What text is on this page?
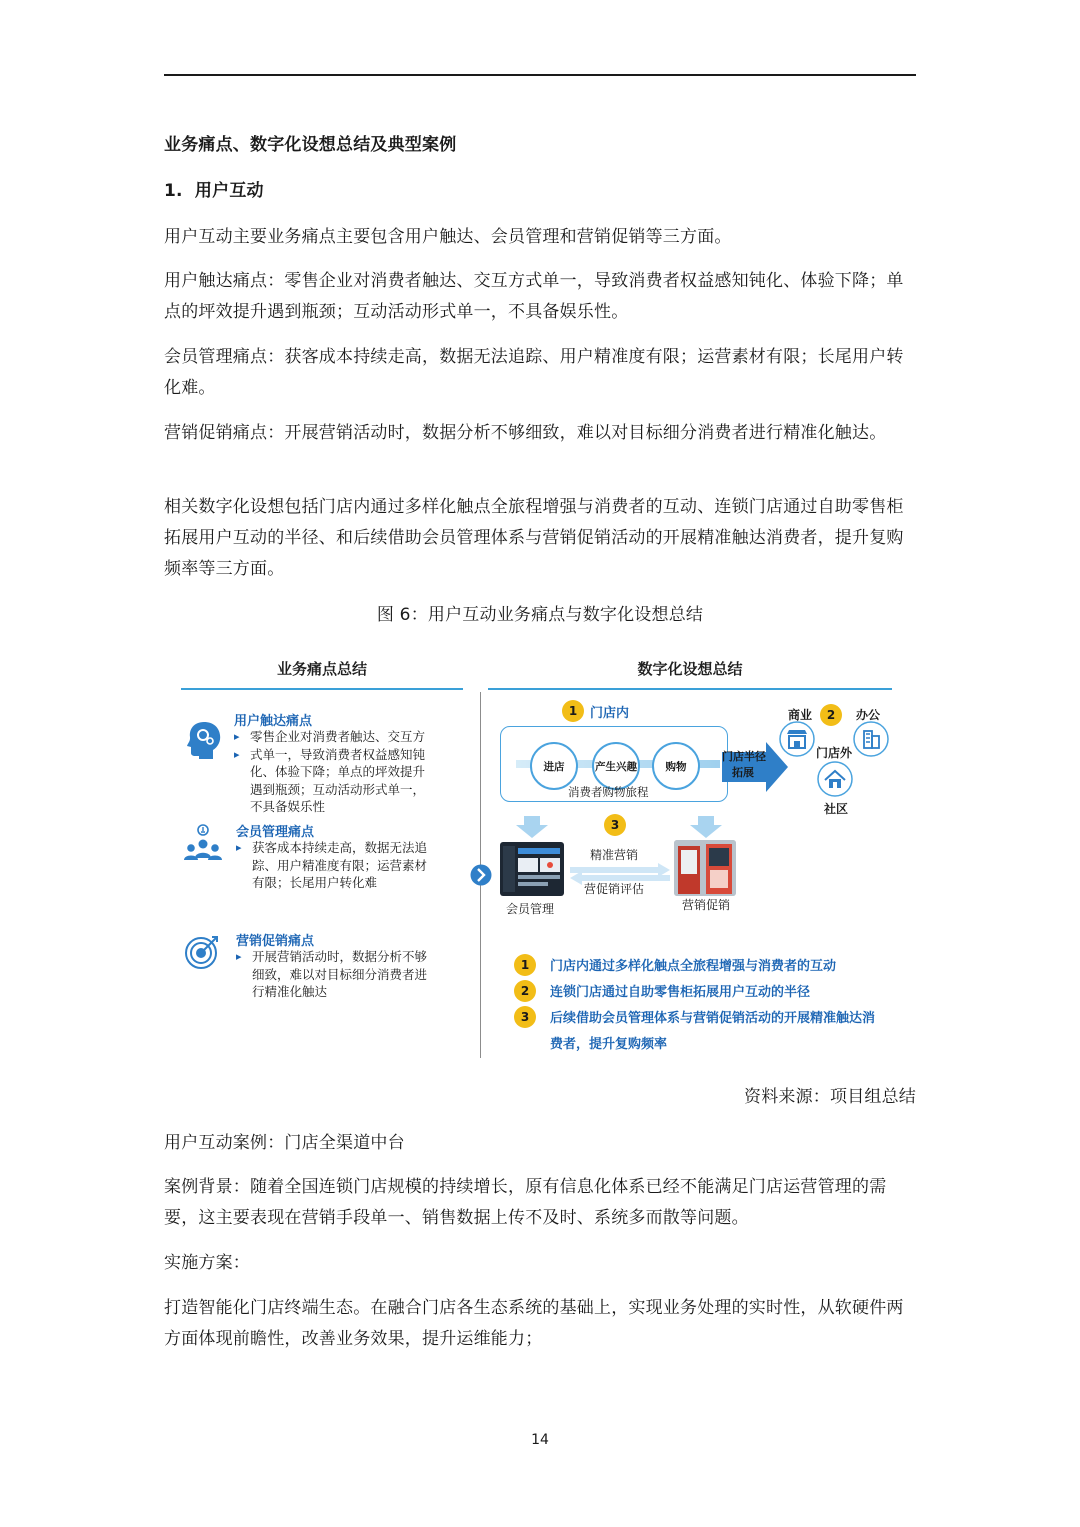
业务痛点、数字化设想总结及典型案例
1.  用户互动
用户互动主要业务痛点主要包含用户触达、会员管理和营销促销等三方面。
用户触达痛点：零售企业对消费者触达、交互方式单一，导致消费者权益感知钝化、体验下降；单点的坪效提升遇到瓶颈；互动活动形式单一，不具备娱乐性。
会员管理痛点：获客成本持续走高，数据无法追踪、用户精准度有限；运营素材有限；长尾用户转化难。
营销促销痛点：开展营销活动时，数据分析不够细致，难以对目标细分消费者进行精准化触达。
相关数字化设想包括门店内通过多样化触点全旅程增强与消费者的互动、连锁门店通过自助零售柜拓展用户互动的半径、和后续借助会员管理体系与营销促销活动的开展精准触达消费者，提升复购频率等三方面。
图 6：用户互动业务痛点与数字化设想总结
业务痛点总结	数字化设想总结
用户触达痛点
▸ 零售企业对消费者触达、交互方
▸ 式单一，导致消费者权益感知钝
化、体验下降；单点的坪效提升
遇到瓶颈；互动活动形式单一，
不具备娱乐性
会员管理痛点
▸ 获客成本持续走高，数据无法追
踪、用户精准度有限；运营素材
有限；长尾用户转化难
营销促销痛点
▸ 开展营销活动时，数据分析不够
细致，难以对目标细分消费者进
行精准化触达
1 门店内
进店	产生兴趣	购物
消费者购物旅程
门店半径
拓展
商业	2	办公
门店外
社区
3
会员管理
精准营销
营促销评估
营销促销
1	门店内通过多样化触点全旅程增强与消费者的互动
2	连锁门店通过自助零售柜拓展用户互动的半径
3	后续借助会员管理体系与营销促销活动的开展精准触达消费者，提升复购频率
资料来源：项目组总结
用户互动案例：门店全渠道中台
案例背景：随着全国连锁门店规模的持续增长，原有信息化体系已经不能满足门店运营管理的需要，这主要表现在营销手段单一、销售数据上传不及时、系统多而散等问题。
实施方案：
打造智能化门店终端生态。在融合门店各生态系统的基础上，实现业务处理的实时性，从软硬件两方面体现前瞻性，改善业务效果，提升运维能力；
14
